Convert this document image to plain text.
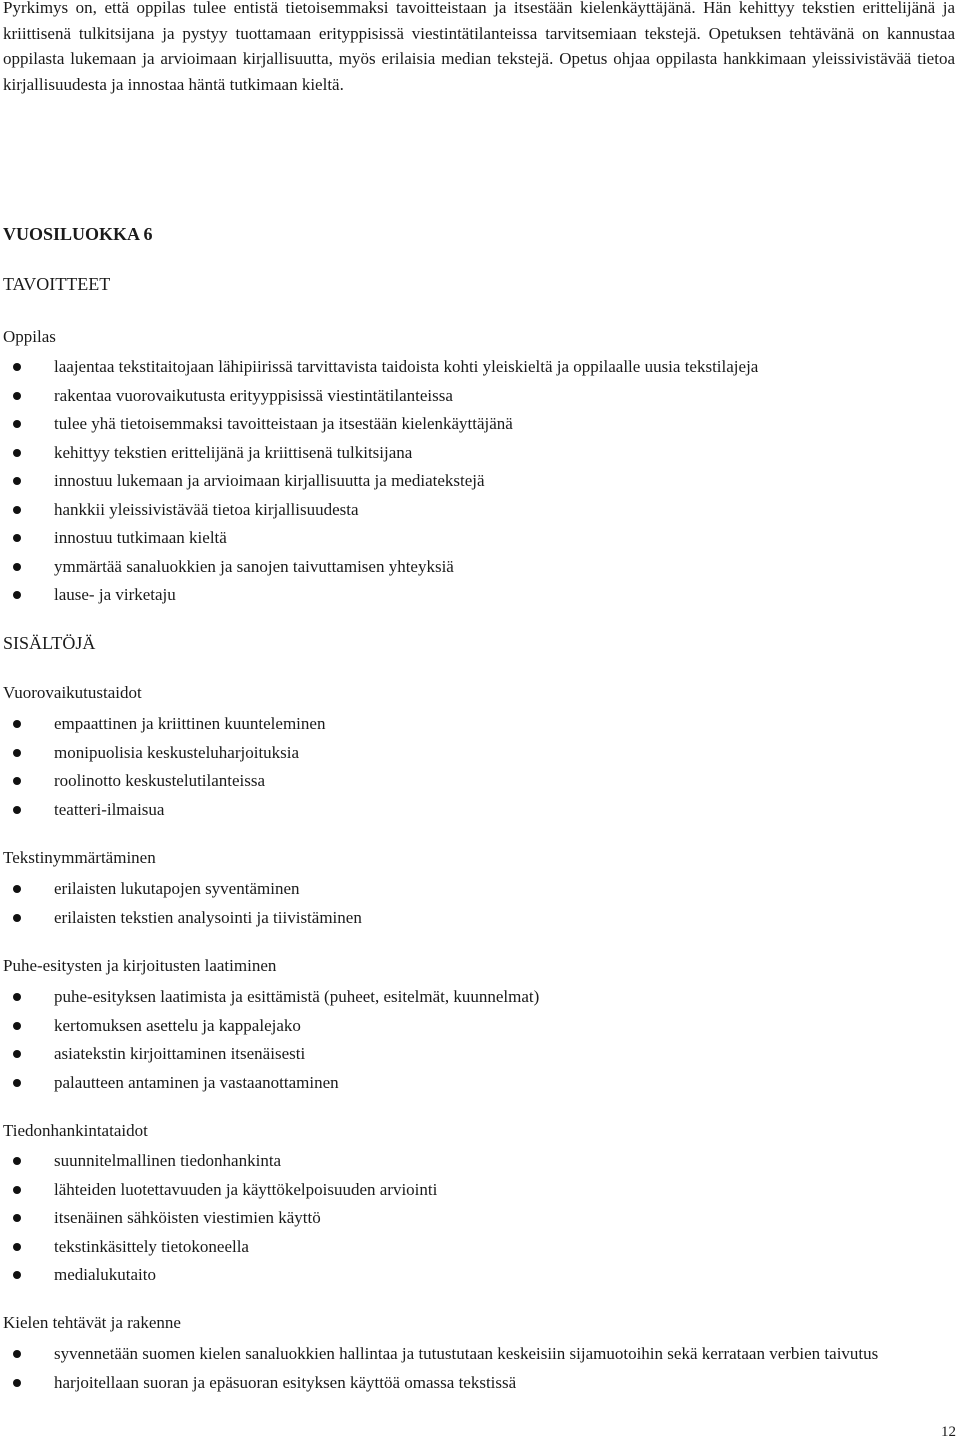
Pyrkimys on, että oppilas tulee entistä tietoisemmaksi tavoitteistaan ja itsestään kielenkäyttäjänä. Hän kehittyy tekstien erittelijänä ja kriittisenä tulkitsijana ja pystyy tuottamaan erityppisissä viestintätilanteissa tarvitsemiaan tekstejä. Opetuksen tehtävänä on kannustaa oppilasta lukemaan ja arvioimaan kirjallisuutta, myös erilaisia median tekstejä. Opetus ohjaa oppilasta hankkimaan yleissivistävää tietoa kirjallisuudesta ja innostaa häntä tutkimaan kieltä.

VUOSILUOKKA 6
TAVOITTEET

Oppilas

laajentaa tekstitaitojaan lähipiirissä tarvittavista taidoista kohti yleiskieltä ja oppilaalle uusia tekstilajeja
rakentaa vuorovaikutusta erityyppisissä viestintätilanteissa
tulee yhä tietoisemmaksi tavoitteistaan ja itsestään kielenkäyttäjänä
kehittyy tekstien erittelijänä ja kriittisenä tulkitsijana
innostuu lukemaan ja arvioimaan kirjallisuutta ja mediatekstejä
hankkii yleissivistävää tietoa kirjallisuudesta
innostuu tutkimaan kieltä
ymmärtää sanaluokkien ja sanojen taivuttamisen yhteyksiä
lause- ja virketaju
SISÄLTÖJÄ

Vuorovaikutustaidot

empaattinen ja kriittinen kuunteleminen
monipuolisia keskusteluharjoituksia
roolinotto keskustelutilanteissa
teatteri-ilmaisua

Tekstinymmärtäminen

erilaisten lukutapojen syventäminen
erilaisten tekstien analysointi ja tiivistäminen

Puhe-esitysten ja kirjoitusten laatiminen

puhe-esityksen laatimista ja esittämistä (puheet, esitelmät, kuunnelmat)
kertomuksen asettelu ja kappalejako
asiatekstin kirjoittaminen itsenäisesti
palautteen antaminen ja vastaanottaminen

Tiedonhankintataidot

suunnitelmallinen tiedonhankinta
lähteiden luotettavuuden ja käyttökelpoisuuden arviointi
itsenäinen sähköisten viestimien käyttö
tekstinkäsittely tietokoneella
medialukutaito

Kielen tehtävät ja rakenne

syvennetään suomen kielen sanaluokkien hallintaa ja tutustutaan keskeisiin sijamuotoihin sekä kerrataan verbien taivutus
harjoitellaan suoran ja epäsuoran esityksen käyttöä omassa tekstissä

12
